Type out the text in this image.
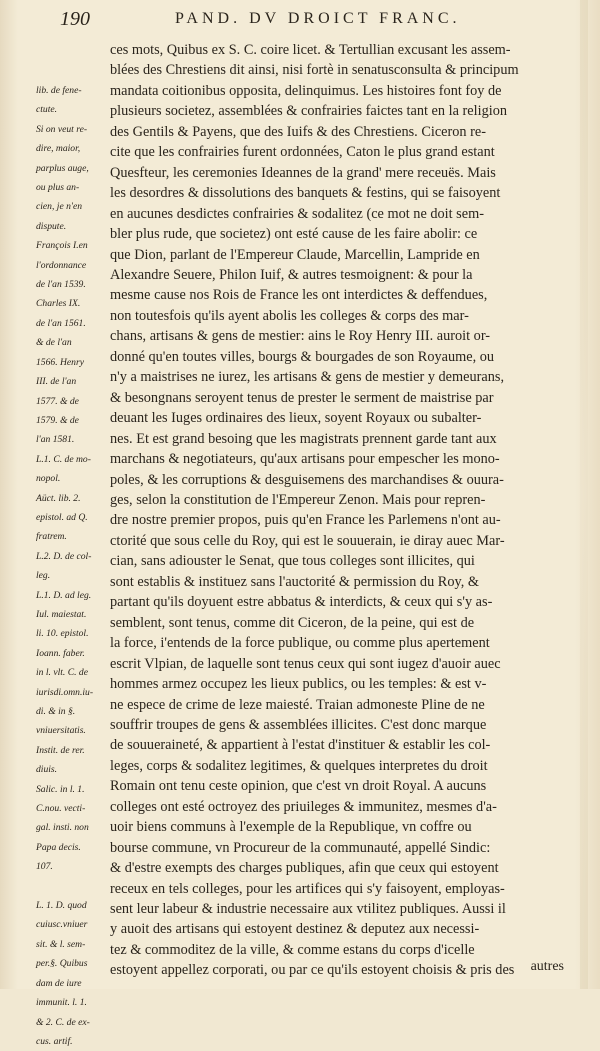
190	PAND. DV DROICT FRANC.
lib. de fene-
ctute.
Si on veut re-
dire, maior,
parplus auge,
ou plus an-
cien, je n'en
dispute.
François I.en
l'ordonnance
de l'an 1539.
Charles IX.
de l'an 1561.
& de l'an
1566. Henry
III. de l'an
1577. & de
1579. & de
l'an 1581.
L.1. C. de mo-
nopol.
Aüct. lib. 2.
epistol. ad Q.
fratrem.
L.2. D. de col-
leg.
L.1. D. ad leg.
Iul. maiestat.
li. 10. epistol.
Ioann. faber.
in l. vlt. C. de
iurisdi.omn.iu-
di. & in §.
vniuersitatis.
Instit. de rer.
diuis.
Salic. in l. 1.
C.nou. vecti-
gal. insti. non
Papa decis.
107.

L. 1. D. quod
cuiusc.vniuer
sit. & l. sem-
per.§. Quibus
dam de iure
immunit. l. 1.
& 2. C. de ex-
cus. artif.
ces mots, Quibus ex S. C. coire licet. & Tertullian excusant les assem-
blées des Chrestiens dit ainsi, nisi fortè in senatusconsulta & principum
mandata coitionibus opposita, delinquimus. Les histoires font foy de
plusieurs societez, assemblées & confrairies faictes tant en la religion
des Gentils & Payens, que des Iuifs & des Chrestiens. Ciceron re-
cite que les confrairies furent ordonnées, Caton le plus grand estant
Quesfteur, les ceremonies Ideannes de la grand' mere receuës. Mais
les desordres & dissolutions des banquets & festins, qui se faisoyent
en aucunes desdictes confrairies & sodalitez (ce mot ne doit sem-
bler plus rude, que societez) ont esté cause de les faire abolir: ce
que Dion, parlant de l'Empereur Claude, Marcellin, Lampride en
Alexandre Seuere, Philon Iuif, & autres tesmoignent: & pour la
mesme cause nos Rois de France les ont interdictes & deffendues,
non toutesfois qu'ils ayent abolis les colleges & corps des mar-
chans, artisans & gens de mestier: ains le Roy Henry III. auroit or-
donné qu'en toutes villes, bourgs & bourgades de son Royaume, ou
n'y a maistrises ne iurez, les artisans & gens de mestier y demeurans,
& besongnans seroyent tenus de prester le serment de maistrise par
deuant les Iuges ordinaires des lieux, soyent Royaux ou subalter-
nes. Et est grand besoing que les magistrats prennent garde tant aux
marchans & negotiateurs, qu'aux artisans pour empescher les mono-
poles, & les corruptions & desguisemens des marchandises & ouura-
ges, selon la constitution de l'Empereur Zenon. Mais pour repren-
dre nostre premier propos, puis qu'en France les Parlemens n'ont au-
ctorité que sous celle du Roy, qui est le souuerain, ie diray auec Mar-
cian, sans adiouster le Senat, que tous colleges sont illicites, qui
sont establis & instituez sans l'auctorité & permission du Roy, &
partant qu'ils doyuent estre abbatus & interdicts, & ceux qui s'y as-
semblent, sont tenus, comme dit Ciceron, de la peine, qui est de
la force, i'entends de la force publique, ou comme plus apertement
escrit Vlpian, de laquelle sont tenus ceux qui sont iugez d'auoir auec
hommes armez occupez les lieux publics, ou les temples: & est v-
ne espece de crime de leze maiesté. Traian admoneste Pline de ne
souffrir troupes de gens & assemblées illicites. C'est donc marque
de souueraineté, & appartient à l'estat d'instituer & establir les col-
leges, corps & sodalitez legitimes, & quelques interpretes du droit
Romain ont tenu ceste opinion, que c'est vn droit Royal. A aucuns
colleges ont esté octroyez des priuileges & immunitez, mesmes d'a-
uoir biens communs à l'exemple de la Republique, vn coffre ou
bourse commune, vn Procureur de la communauté, appellé Sindic:
& d'estre exempts des charges publiques, afin que ceux qui estoyent
receux en tels colleges, pour les artifices qui s'y faisoyent, employas-
sent leur labeur & industrie necessaire aux vtilitez publiques. Aussi il
y auoit des artisans qui estoyent destinez & deputez aux necessi-
tez & commoditez de la ville, & comme estans du corps d'icelle
estoyent appellez corporati, ou par ce qu'ils estoyent choisis & pris des	autres
